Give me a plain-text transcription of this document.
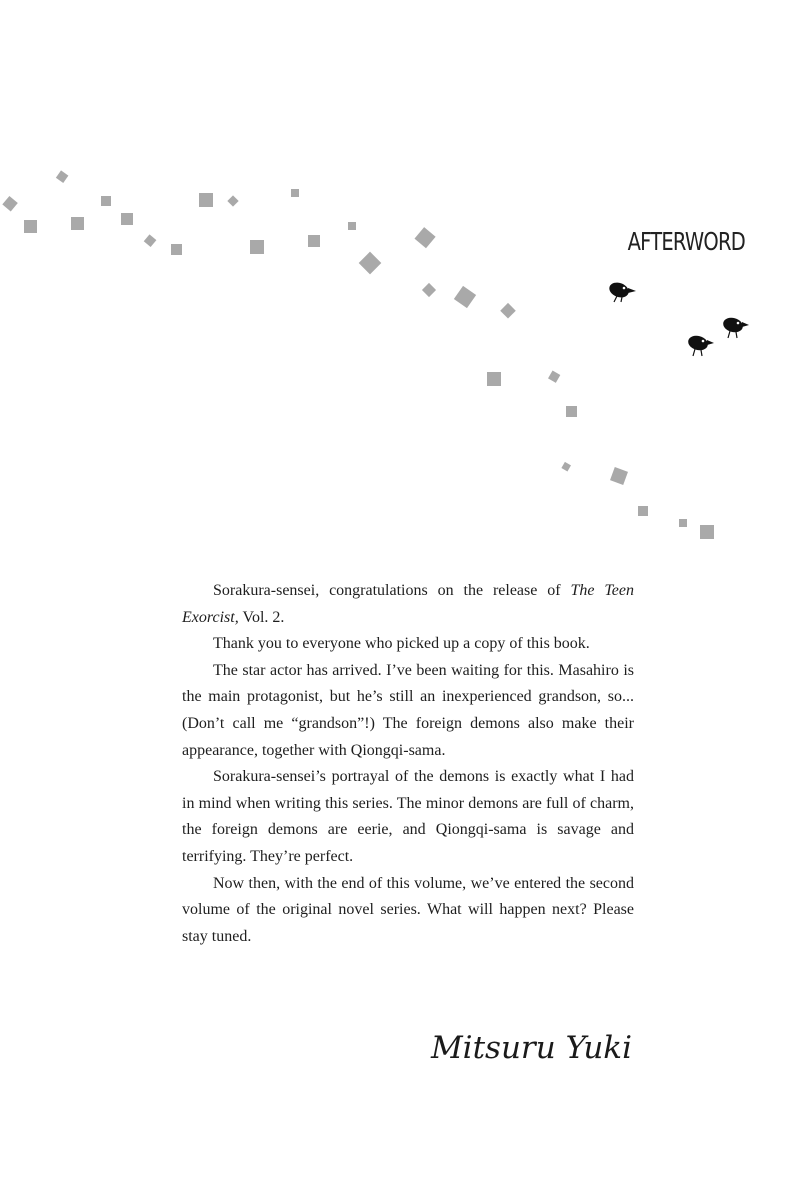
AFTERWORD

Sorakura-sensei, congratulations on the release of The Teen Exorcist, Vol. 2.

Thank you to everyone who picked up a copy of this book.

The star actor has arrived. I’ve been waiting for this. Masahiro is the main protagonist, but he’s still an inexperienced grandson, so...(Don’t call me “grandson”!) The foreign demons also make their appearance, together with Qiongqi-sama.

Sorakura-sensei’s portrayal of the demons is exactly what I had in mind when writing this series. The minor demons are full of charm, the foreign demons are eerie, and Qiongqi-sama is savage and terrifying. They’re perfect.

Now then, with the end of this volume, we’ve entered the second volume of the original novel series. What will happen next? Please stay tuned.

Mitsuru Yuki
